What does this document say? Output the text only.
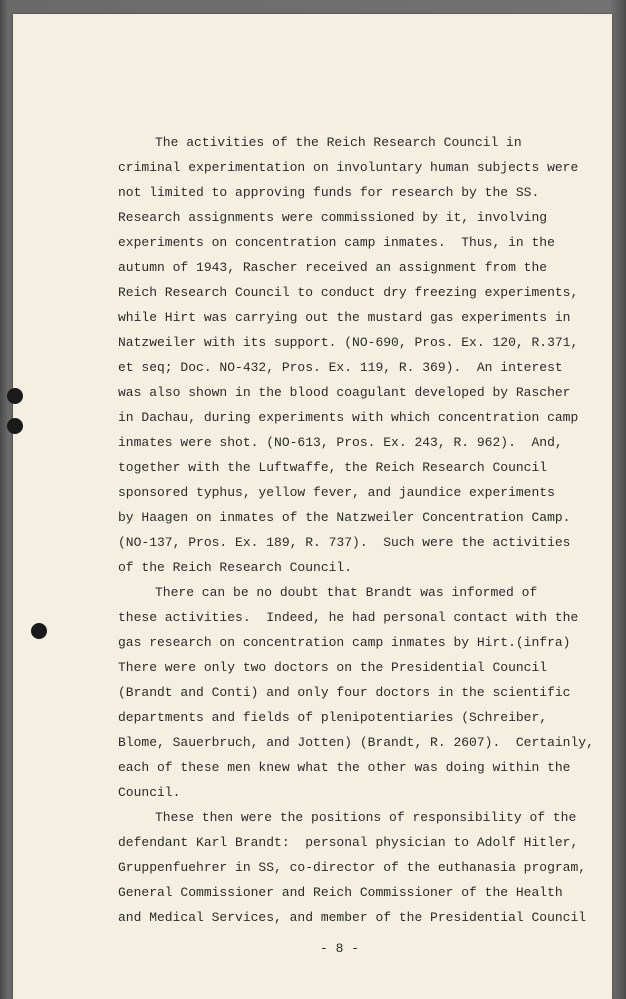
The activities of the Reich Research Council in
criminal experimentation on involuntary human subjects were
not limited to approving funds for research by the SS.
Research assignments were commissioned by it, involving
experiments on concentration camp inmates.  Thus, in the
autumn of 1943, Rascher received an assignment from the
Reich Research Council to conduct dry freezing experiments,
while Hirt was carrying out the mustard gas experiments in
Natzweiler with its support. (NO-690, Pros. Ex. 120, R.371,
et seq; Doc. NO-432, Pros. Ex. 119, R. 369).  An interest
was also shown in the blood coagulant developed by Rascher
in Dachau, during experiments with which concentration camp
inmates were shot. (NO-613, Pros. Ex. 243, R. 962).  And,
together with the Luftwaffe, the Reich Research Council
sponsored typhus, yellow fever, and jaundice experiments
by Haagen on inmates of the Natzweiler Concentration Camp.
(NO-137, Pros. Ex. 189, R. 737).  Such were the activities
of the Reich Research Council.
There can be no doubt that Brandt was informed of
these activities.  Indeed, he had personal contact with the
gas research on concentration camp inmates by Hirt.(infra)
There were only two doctors on the Presidential Council
(Brandt and Conti) and only four doctors in the scientific
departments and fields of plenipotentiaries (Schreiber,
Blome, Sauerbruch, and Jotten) (Brandt, R. 2607).  Certainly,
each of these men knew what the other was doing within the
Council.
These then were the positions of responsibility of the
defendant Karl Brandt:  personal physician to Adolf Hitler,
Gruppenfuehrer in SS, co-director of the euthanasia program,
General Commissioner and Reich Commissioner of the Health
and Medical Services, and member of the Presidential Council
- 8 -
